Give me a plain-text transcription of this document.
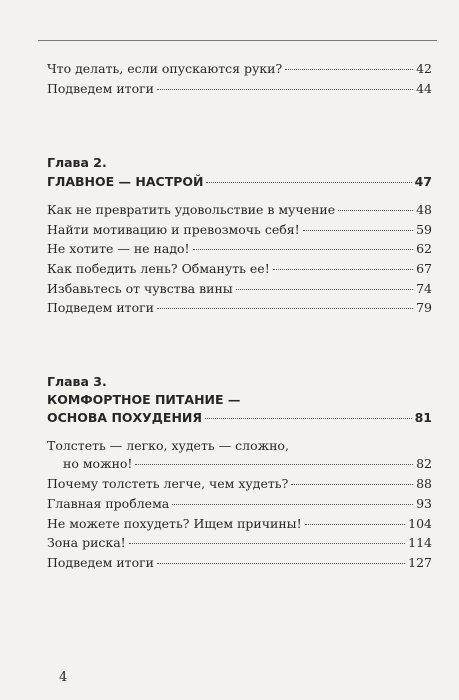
Что делать, если опускаются руки?	42
Подведем итоги	44
Глава 2.
ГЛАВНОЕ — НАСТРОЙ	47
Как не превратить удовольствие в мучение	48
Найти мотивацию и превозмочь себя!	59
Не хотите — не надо!	62
Как победить лень? Обмануть ее!	67
Избавьтесь от чувства вины	74
Подведем итоги	79
Глава 3.
КОМФОРТНОЕ ПИТАНИЕ —
ОСНОВА ПОХУДЕНИЯ	81
Толстеть — легко, худеть — сложно,
но можно!	82
Почему толстеть легче, чем худеть?	88
Главная проблема	93
Не можете похудеть? Ищем причины!	104
Зона риска!	114
Подведем итоги	127
4
